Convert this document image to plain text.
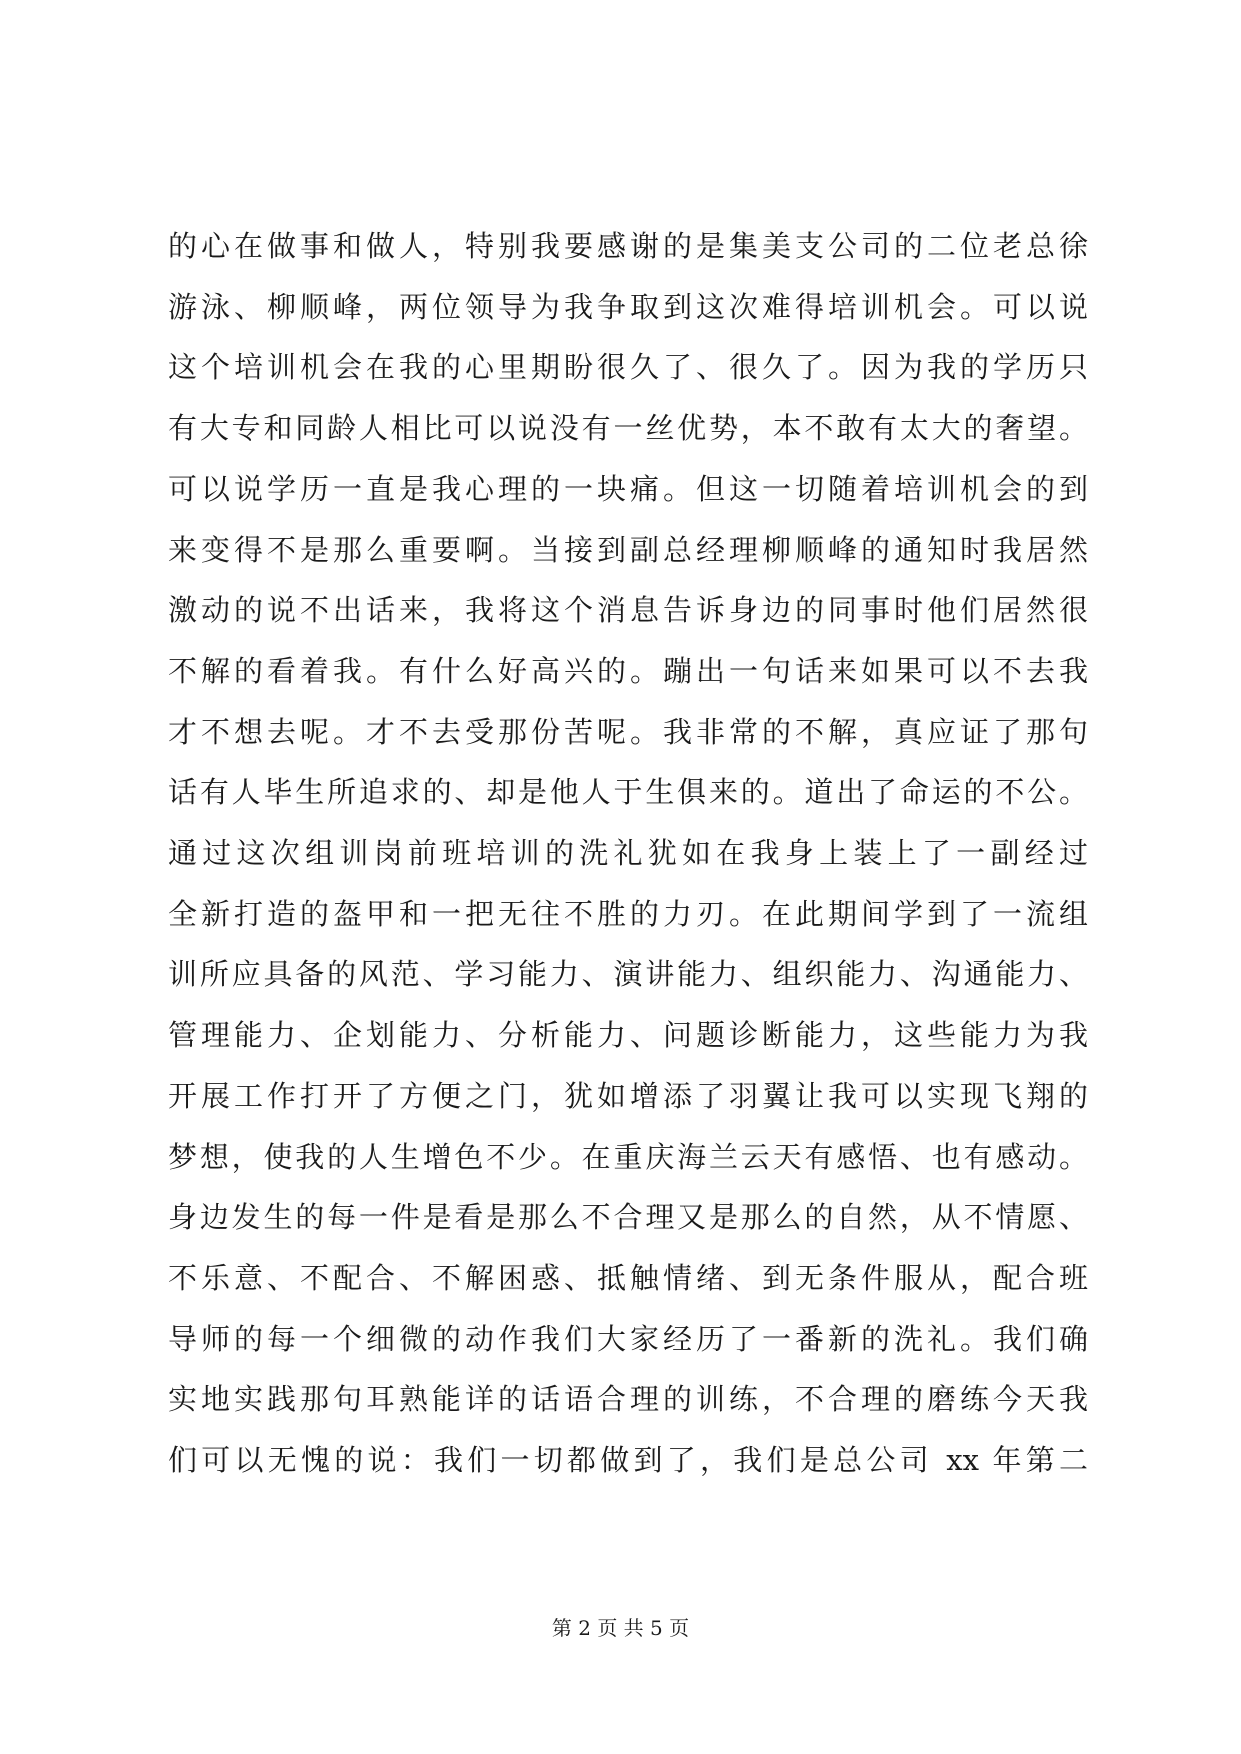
的心在做事和做人，特别我要感谢的是集美支公司的二位老总徐
游泳、柳顺峰，两位领导为我争取到这次难得培训机会。可以说
这个培训机会在我的心里期盼很久了、很久了。因为我的学历只
有大专和同龄人相比可以说没有一丝优势，本不敢有太大的奢望。
可以说学历一直是我心理的一块痛。但这一切随着培训机会的到
来变得不是那么重要啊。当接到副总经理柳顺峰的通知时我居然
激动的说不出话来，我将这个消息告诉身边的同事时他们居然很
不解的看着我。有什么好高兴的。蹦出一句话来如果可以不去我
才不想去呢。才不去受那份苦呢。我非常的不解，真应证了那句
话有人毕生所追求的、却是他人于生俱来的。道出了命运的不公。
通过这次组训岗前班培训的洗礼犹如在我身上装上了一副经过
全新打造的盔甲和一把无往不胜的力刃。在此期间学到了一流组
训所应具备的风范、学习能力、演讲能力、组织能力、沟通能力、
管理能力、企划能力、分析能力、问题诊断能力，这些能力为我
开展工作打开了方便之门，犹如增添了羽翼让我可以实现飞翔的
梦想，使我的人生增色不少。在重庆海兰云天有感悟、也有感动。
身边发生的每一件是看是那么不合理又是那么的自然，从不情愿、
不乐意、不配合、不解困惑、抵触情绪、到无条件服从，配合班
导师的每一个细微的动作我们大家经历了一番新的洗礼。我们确
实地实践那句耳熟能详的话语合理的训练，不合理的磨练今天我
们可以无愧的说：我们一切都做到了，我们是总公司 xx 年第二
第 2 页 共 5 页
